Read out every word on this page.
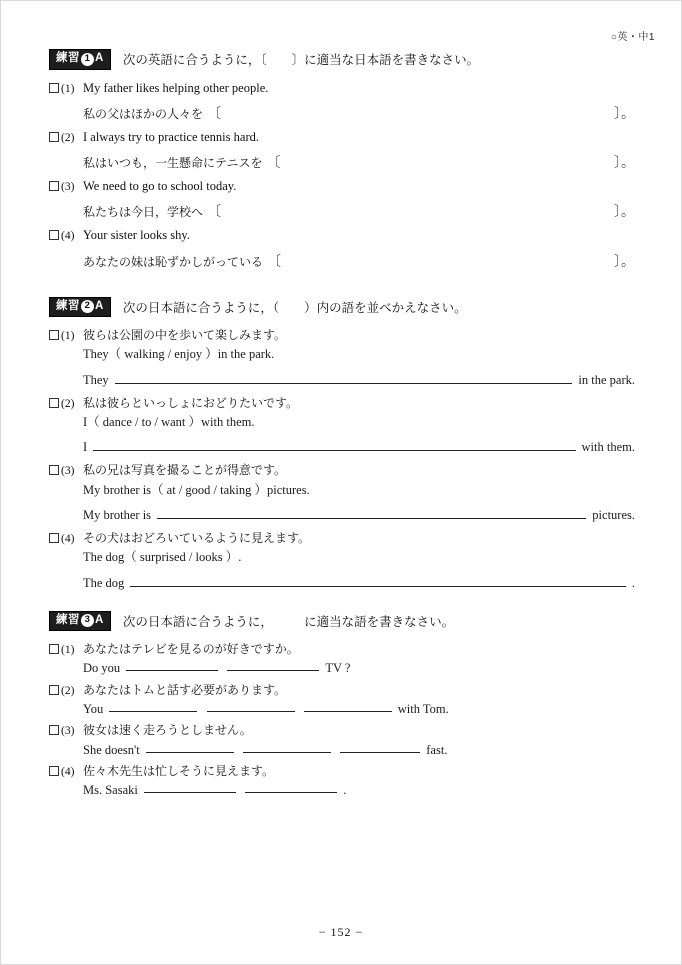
○英・中1
練習 1 A 次の英語に合うように，〔　　〕に適当な日本語を書きなさい。
(1) My father likes helping other people.
私の父はほかの人々を 〔	〕。
(2) I always try to practice tennis hard.
私はいつも，一生懸命にテニスを 〔	〕。
(3) We need to go to school today.
私たちは今日，学校へ 〔	〕。
(4) Your sister looks shy.
あなたの妹は恥ずかしがっている 〔	〕。
練習 2 A 次の日本語に合うように，（　　）内の語を並べかえなさい。
(1) 彼らは公園の中を歩いて楽しみます。
They（ walking / enjoy ）in the park.
They	in the park.
(2) 私は彼らといっしょにおどりたいです。
I（ dance / to / want ）with them.
I	with them.
(3) 私の兄は写真を撮ることが得意です。
My brother is（ at / good / taking ）pictures.
My brother is	pictures.
(4) その犬はおどろいているように見えます。
The dog（ surprised / looks ）.
The dog	.
練習 3 A 次の日本語に合うように，　　　に適当な語を書きなさい。
(1) あなたはテレビを見るのが好きですか。
Do you	TV ?
(2) あなたはトムと話す必要があります。
You	with Tom.
(3) 彼女は速く走ろうとしません。
She doesn't	fast.
(4) 佐々木先生は忙しそうに見えます。
Ms. Sasaki	.
− 152 −
